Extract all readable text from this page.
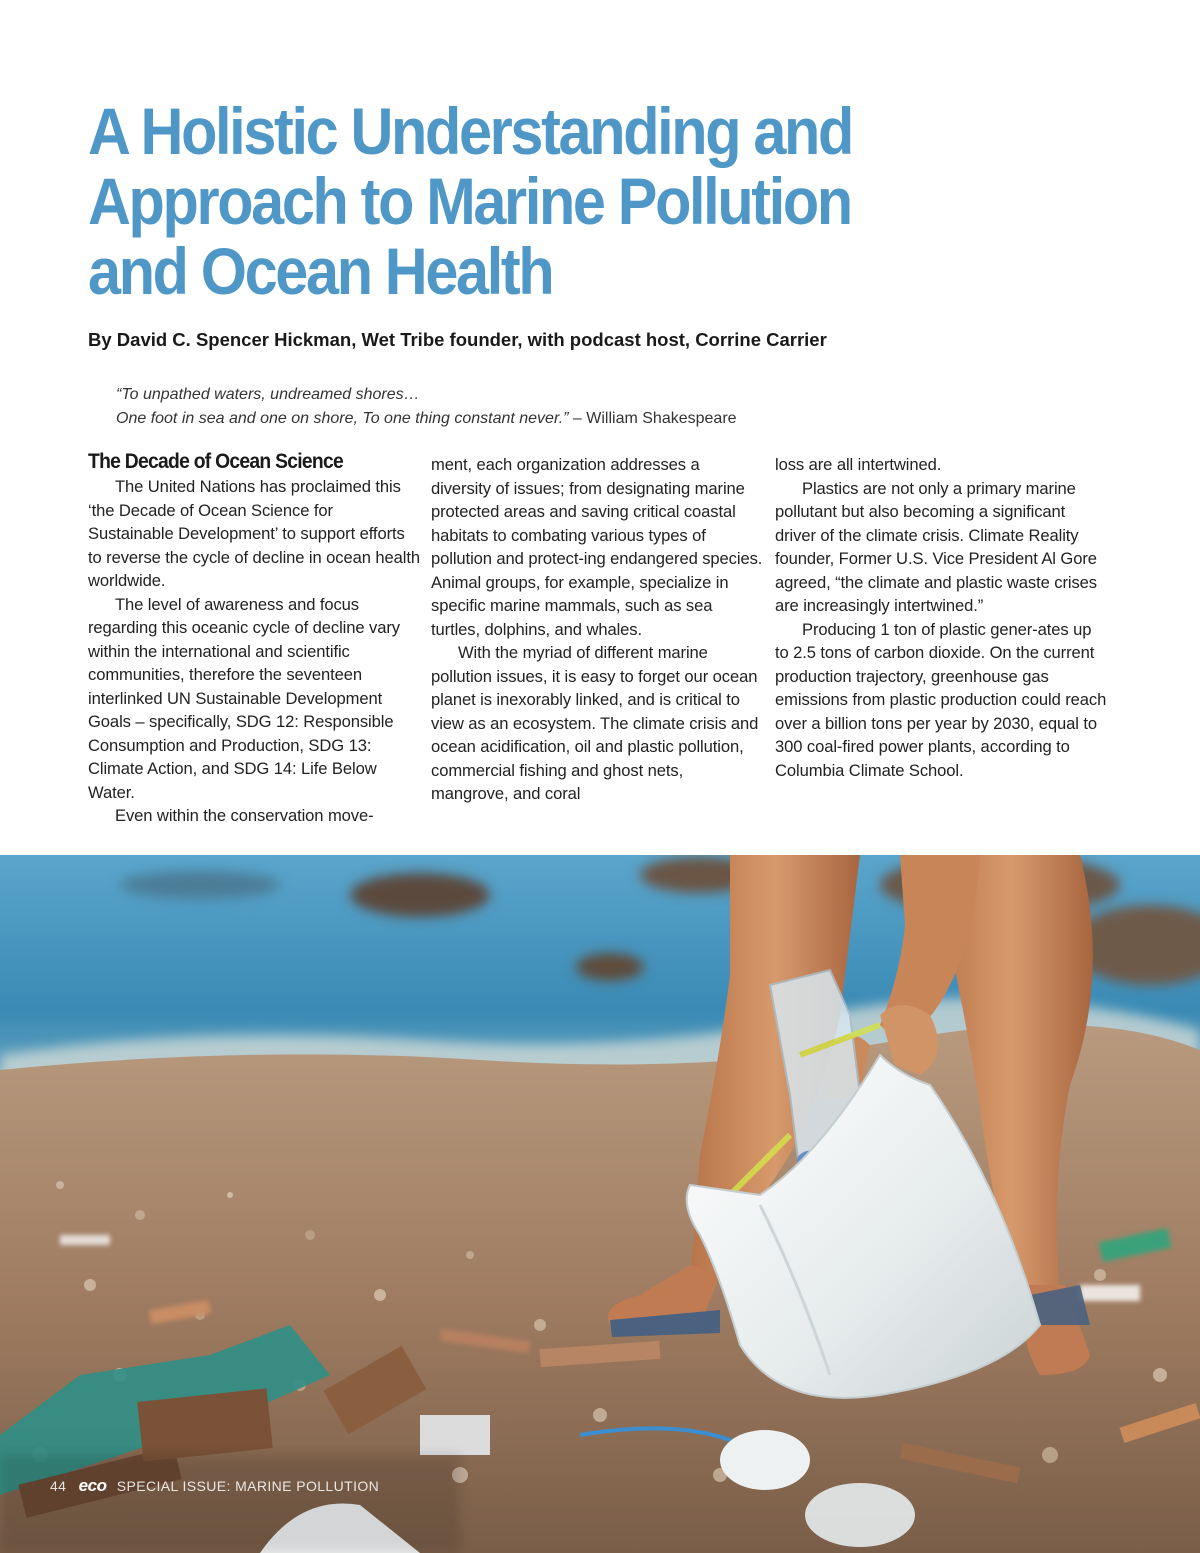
A Holistic Understanding and
Approach to Marine Pollution
and Ocean Health
By David C. Spencer Hickman, Wet Tribe founder, with podcast host, Corrine Carrier
“To unpathed waters, undreamed shores…
One foot in sea and one on shore, To one thing constant never.” – William Shakespeare
The Decade of Ocean Science

The United Nations has proclaimed this ‘the Decade of Ocean Science for Sustainable Development’ to support efforts to reverse the cycle of decline in ocean health worldwide.

The level of awareness and focus regarding this oceanic cycle of decline vary within the international and scientific communities, therefore the seventeen interlinked UN Sustainable Development Goals – specifically, SDG 12: Responsible Consumption and Production, SDG 13: Climate Action, and SDG 14: Life Below Water.

Even within the conservation move-

ment, each organization addresses a diversity of issues; from designating marine protected areas and saving critical coastal habitats to combating various types of pollution and protect-ing endangered species. Animal groups, for example, specialize in specific marine mammals, such as sea turtles, dolphins, and whales.

With the myriad of different marine pollution issues, it is easy to forget our ocean planet is inexorably linked, and is critical to view as an ecosystem. The climate crisis and ocean acidification, oil and plastic pollution, commercial fishing and ghost nets, mangrove, and coral

loss are all intertwined.

Plastics are not only a primary marine pollutant but also becoming a significant driver of the climate crisis. Climate Reality founder, Former U.S. Vice President Al Gore agreed, “the climate and plastic waste crises are increasingly intertwined.”

Producing 1 ton of plastic gener-ates up to 2.5 tons of carbon dioxide. On the current production trajectory, greenhouse gas emissions from plastic production could reach over a billion tons per year by 2030, equal to 300 coal-fired power plants, according to Columbia Climate School.

44 eco SPECIAL ISSUE: MARINE POLLUTION
